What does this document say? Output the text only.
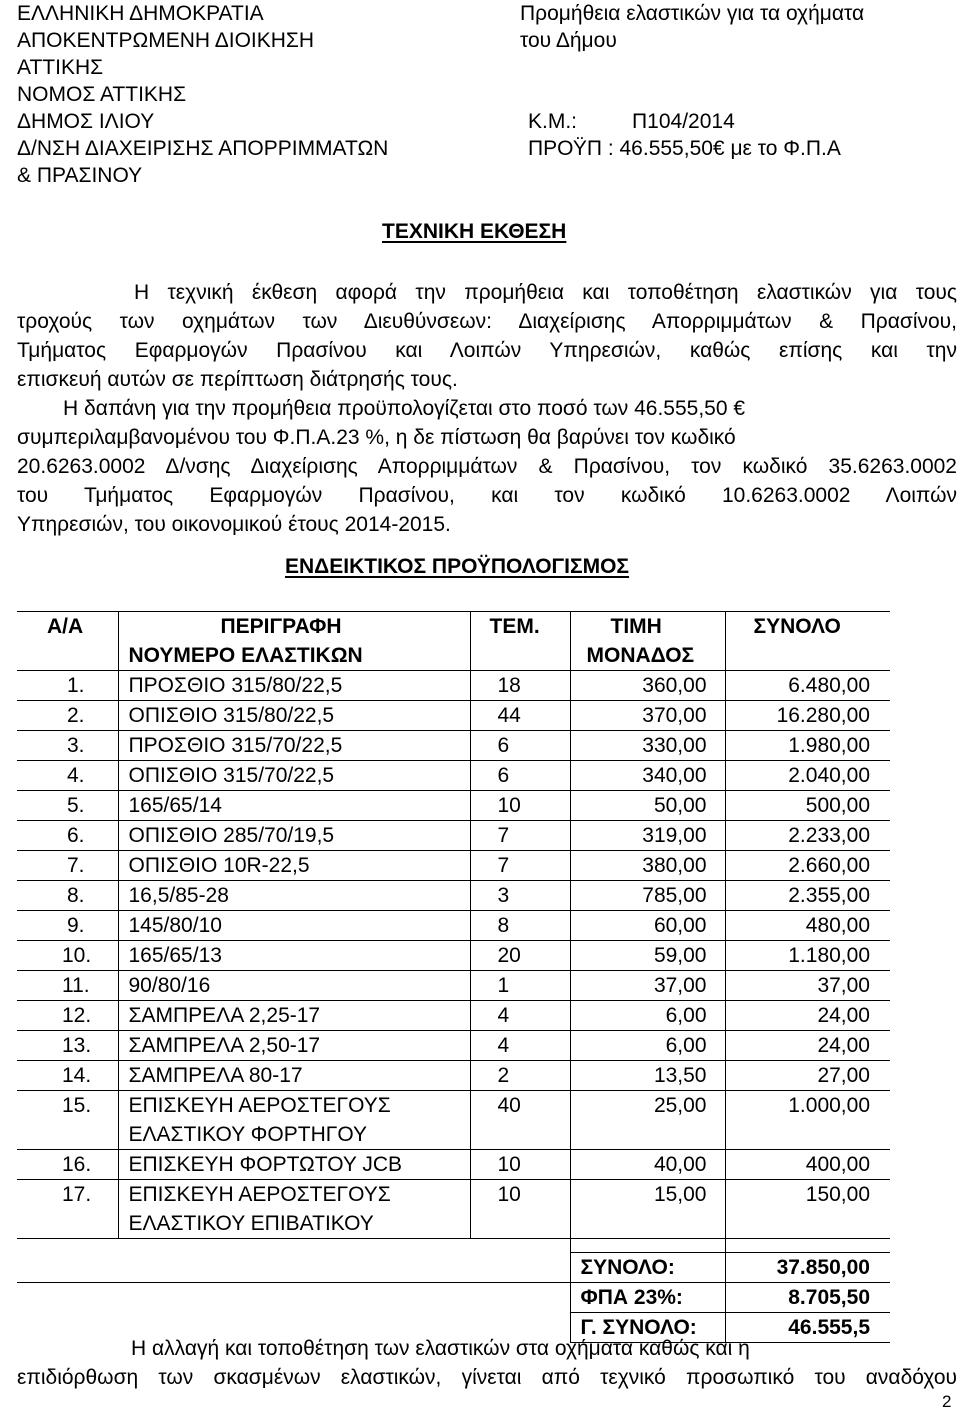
ΕΛΛΗΝΙΚΗ ΔΗΜΟΚΡΑΤΙΑ
ΑΠΟΚΕΝΤΡΩΜΕΝΗ ΔΙΟΙΚΗΣΗ
ΑΤΤΙΚΗΣ
ΝΟΜΟΣ ΑΤΤΙΚΗΣ
ΔΗΜΟΣ ΙΛΙΟΥ
Δ/ΝΣΗ ΔΙΑΧΕΙΡΙΣΗΣ ΑΠΟΡΡΙΜΜΑΤΩΝ
& ΠΡΑΣΙΝΟΥ
Προμήθεια ελαστικών για τα οχήματα
του Δήμου
Κ.Μ.:	Π104/2014
ΠΡΟΫΠ : 46.555,50€ με το Φ.Π.Α
ΤΕΧΝΙΚΗ ΕΚΘΕΣΗ
Η τεχνική έκθεση αφορά την προμήθεια και τοποθέτηση ελαστικών για τους
τροχούς των οχημάτων των Διευθύνσεων: Διαχείρισης Απορριμμάτων & Πρασίνου,
Τμήματος Εφαρμογών Πρασίνου και Λοιπών Υπηρεσιών, καθώς επίσης και την
επισκευή αυτών σε περίπτωση διάτρησής τους.
Η δαπάνη για την προμήθεια προϋπολογίζεται στο ποσό των 46.555,50 €
συμπεριλαμβανομένου του Φ.Π.Α.23 %, η δε πίστωση θα βαρύνει τον κωδικό
20.6263.0002 Δ/νσης Διαχείρισης Απορριμμάτων & Πρασίνου, τον κωδικό 35.6263.0002
του Τμήματος Εφαρμογών Πρασίνου, και τον κωδικό 10.6263.0002 Λοιπών
Υπηρεσιών, του οικονομικού έτους 2014-2015.
ΕΝΔΕΙΚΤΙΚΟΣ ΠΡΟΫΠΟΛΟΓΙΣΜΟΣ
Α/Α	ΠΕΡΙΓΡΑΦΗ	ΤΕΜ.	ΤΙΜΗ	ΣΥΝΟΛΟ
	ΝΟΥΜΕΡΟ ΕΛΑΣΤΙΚΩΝ		ΜΟΝΑΔΟΣ	
1.	ΠΡΟΣΘΙΟ 315/80/22,5	18	360,00	6.480,00
2.	ΟΠΙΣΘΙΟ 315/80/22,5	44	370,00	16.280,00
3.	ΠΡΟΣΘΙΟ 315/70/22,5	6	330,00	1.980,00
4.	ΟΠΙΣΘΙΟ 315/70/22,5	6	340,00	2.040,00
5.	165/65/14	10	50,00	500,00
6.	ΟΠΙΣΘΙΟ 285/70/19,5	7	319,00	2.233,00
7.	ΟΠΙΣΘΙΟ 10R-22,5	7	380,00	2.660,00
8.	16,5/85-28	3	785,00	2.355,00
9.	145/80/10	8	60,00	480,00
10.	165/65/13	20	59,00	1.180,00
11.	90/80/16	1	37,00	37,00
12.	ΣΑΜΠΡΕΛΑ 2,25-17	4	6,00	24,00
13.	ΣΑΜΠΡΕΛΑ 2,50-17	4	6,00	24,00
14.	ΣΑΜΠΡΕΛΑ 80-17	2	13,50	27,00
15.	ΕΠΙΣΚΕΥΗ ΑΕΡΟΣΤΕΓΟΥΣ	40	25,00	1.000,00
	ΕΛΑΣΤΙΚΟΥ ΦΟΡΤΗΓΟΥ			
16.	ΕΠΙΣΚΕΥΗ ΦΟΡΤΩΤΟΥ JCB	10	40,00	400,00
17.	ΕΠΙΣΚΕΥΗ ΑΕΡΟΣΤΕΓΟΥΣ	10	15,00	150,00
	ΕΛΑΣΤΙΚΟΥ ΕΠΙΒΑΤΙΚΟΥ			

			ΣΥΝΟΛΟ:	37.850,00
			ΦΠΑ 23%:	8.705,50
			Γ. ΣΥΝΟΛΟ:	46.555,5
Η αλλαγή και τοποθέτηση των ελαστικών στα οχήματα καθώς και η
επιδιόρθωση των σκασμένων ελαστικών, γίνεται από τεχνικό προσωπικό του αναδόχου
2
